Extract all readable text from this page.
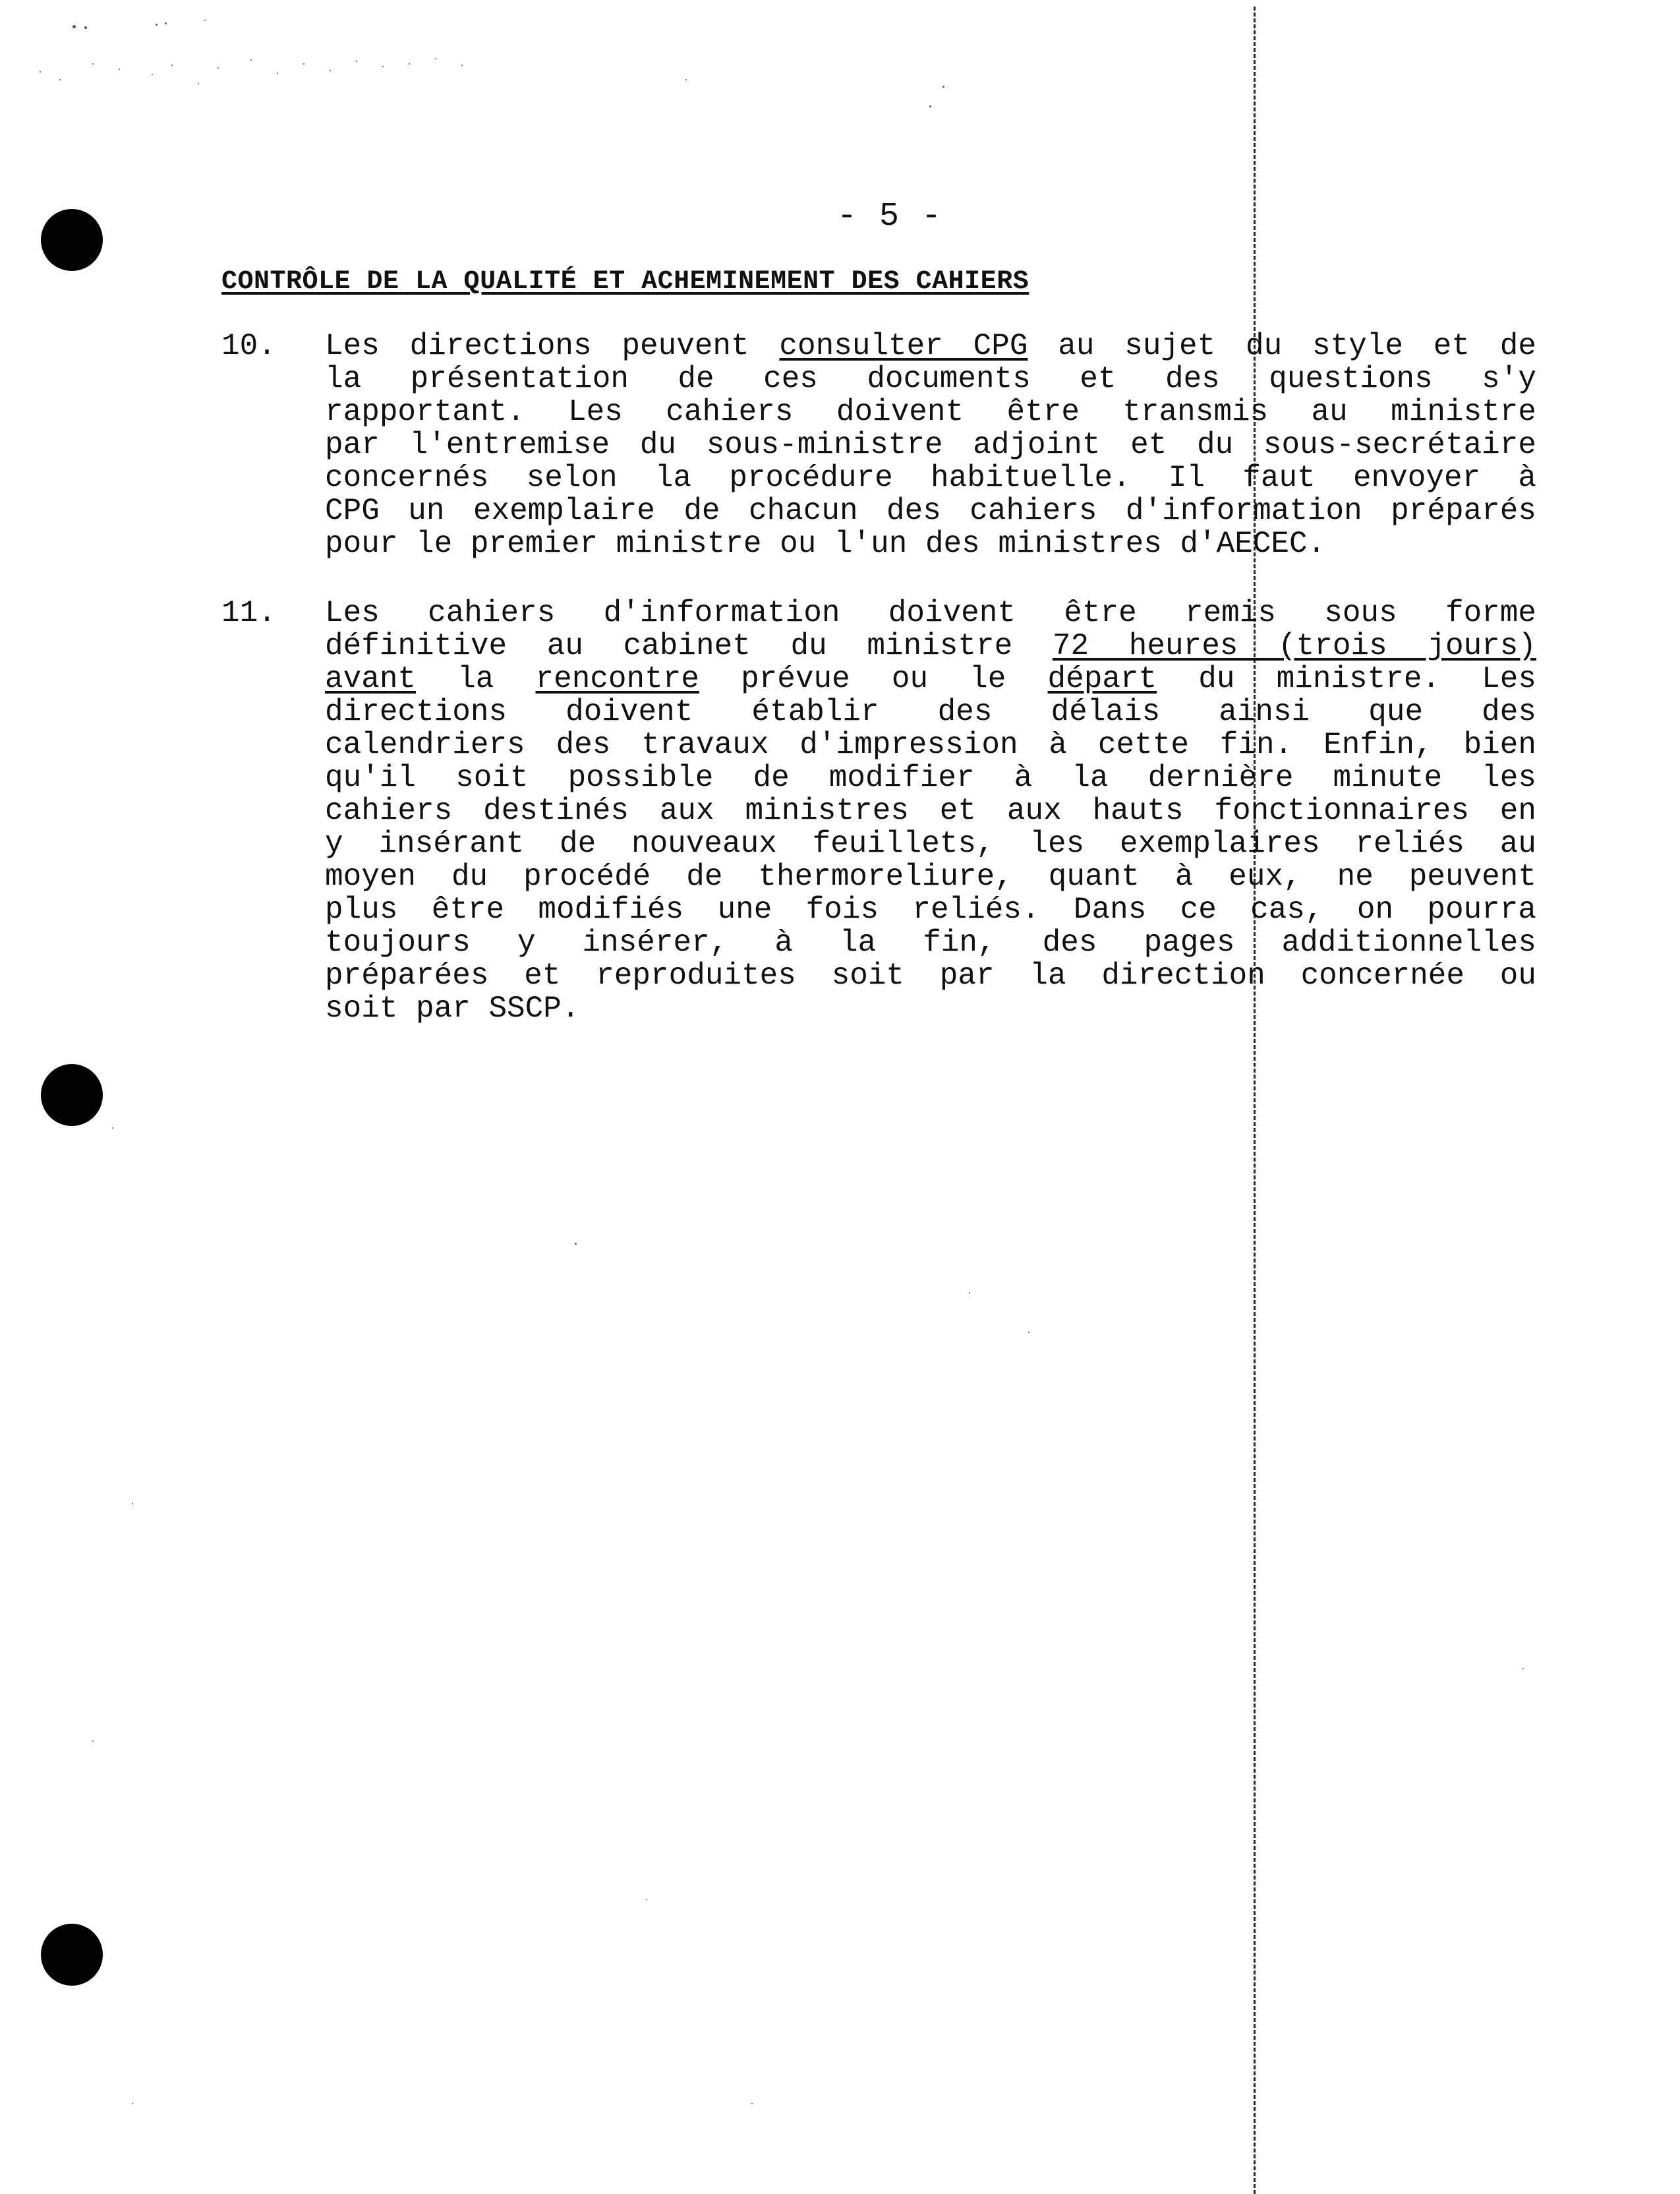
- 5 -
CONTRÔLE DE LA QUALITÉ ET ACHEMINEMENT DES CAHIERS
10.	Les directions peuvent consulter CPG au sujet du style et de
la présentation de ces documents et des questions s'y
rapportant. Les cahiers doivent être transmis au ministre
par l'entremise du sous-ministre adjoint et du sous-secrétaire
concernés selon la procédure habituelle. Il faut envoyer à
CPG un exemplaire de chacun des cahiers d'information préparés
pour le premier ministre ou l'un des ministres d'AECEC.
11.	Les cahiers d'information doivent être remis sous forme
définitive au cabinet du ministre 72 heures (trois jours)
avant la rencontre prévue ou le départ du ministre. Les
directions doivent établir des délais ainsi que des
calendriers des travaux d'impression à cette fin. Enfin, bien
qu'il soit possible de modifier à la dernière minute les
cahiers destinés aux ministres et aux hauts fonctionnaires en
y insérant de nouveaux feuillets, les exemplaires reliés au
moyen du procédé de thermoreliure, quant à eux, ne peuvent
plus être modifiés une fois reliés. Dans ce cas, on pourra
toujours y insérer, à la fin, des pages additionnelles
préparées et reproduites soit par la direction concernée ou
soit par SSCP.
